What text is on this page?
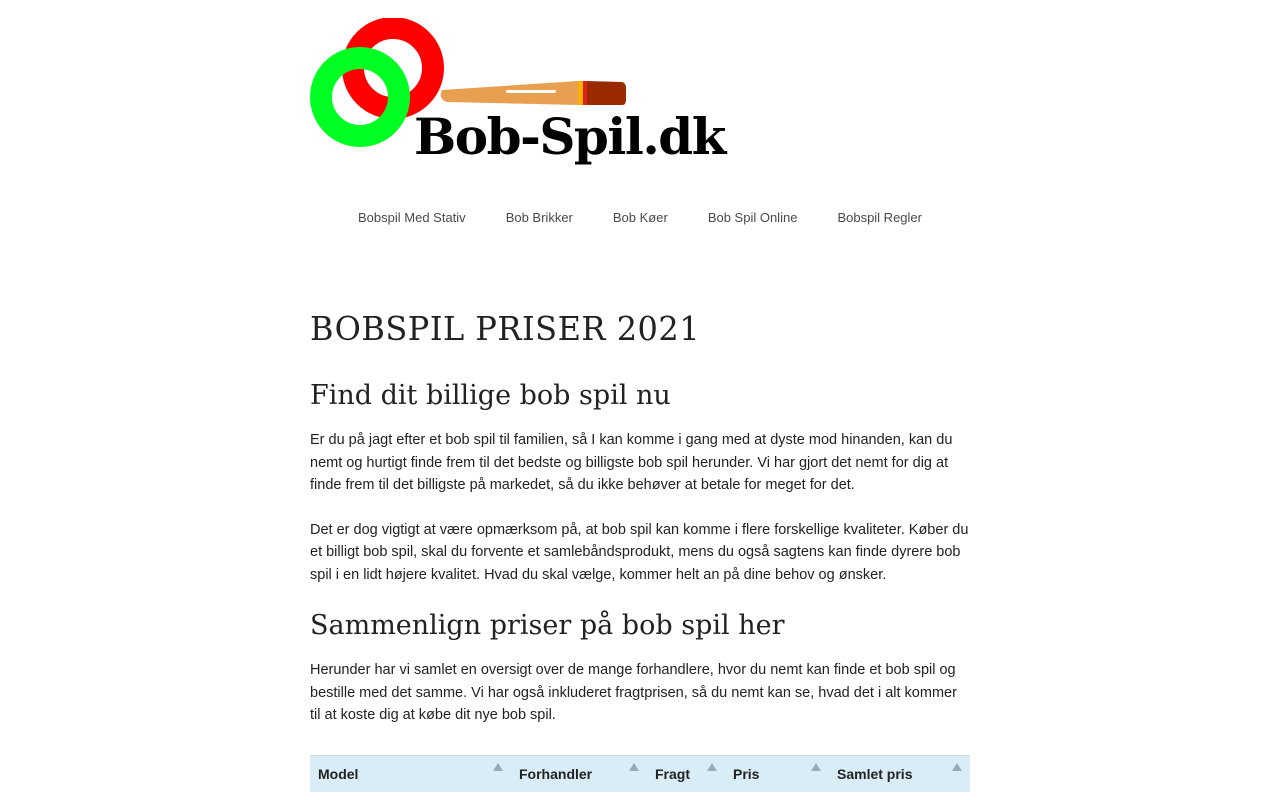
Bob-Spil.dk
Bobspil Med Stativ	Bob Brikker	Bob Køer	Bob Spil Online	Bobspil Regler
BOBSPIL PRISER 2021
Find dit billige bob spil nu

Er du på jagt efter et bob spil til familien, så I kan komme i gang med at dyste mod hinanden, kan du nemt og hurtigt finde frem til det bedste og billigste bob spil herunder. Vi har gjort det nemt for dig at finde frem til det billigste på markedet, så du ikke behøver at betale for meget for det.

Det er dog vigtigt at være opmærksom på, at bob spil kan komme i flere forskellige kvaliteter. Køber du et billigt bob spil, skal du forvente et samlebåndsprodukt, mens du også sagtens kan finde dyrere bob spil i en lidt højere kvalitet. Hvad du skal vælge, kommer helt an på dine behov og ønsker.

Sammenlign priser på bob spil her

Herunder har vi samlet en oversigt over de mange forhandlere, hvor du nemt kan finde et bob spil og bestille med det samme. Vi har også inkluderet fragtprisen, så du nemt kan se, hvad det i alt kommer til at koste dig at købe dit nye bob spil.

Model	Forhandler	Fragt	Pris	Samlet pris
